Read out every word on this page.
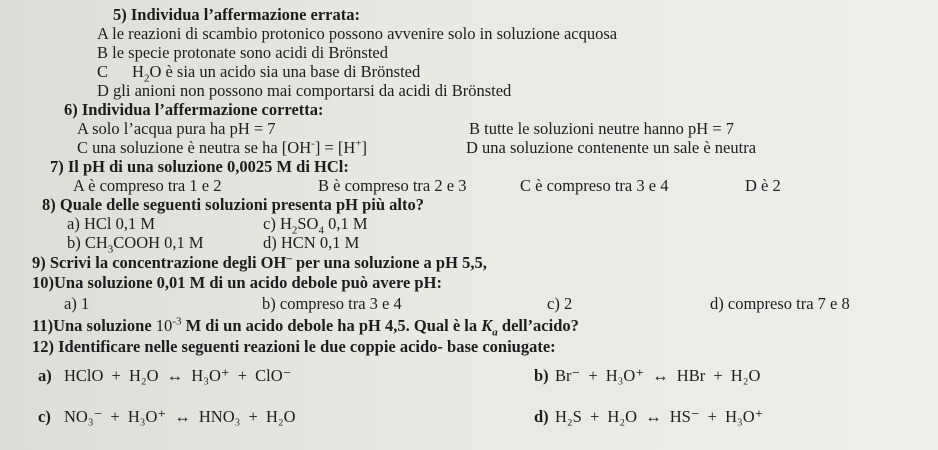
5) Individua l’affermazione errata:
A le reazioni di scambio protonico possono avvenire solo in soluzione acquosa
B le specie protonate sono acidi di Brönsted
C $H_2O$ è sia un acido sia una base di Brönsted
D gli anioni non possono mai comportarsi da acidi di Brönsted
6) Individua l’affermazione corretta:
A solo l’acqua pura ha pH = 7	B tutte le soluzioni neutre hanno pH = 7
C una soluzione è neutra se ha [OH-] = [H+]	D una soluzione contenente un sale è neutra
7) Il pH di una soluzione 0,0025 M di HCl:
A è compreso tra 1 e 2	B è compreso tra 2 e 3	C è compreso tra 3 e 4	D è 2
8) Quale delle seguenti soluzioni presenta pH più alto?
a) HCl 0,1 M	c) $H_2SO_4$ 0,1 M
b) $CH_3COOH$ 0,1 M	d) HCN 0,1 M
9) Scrivi la concentrazione degli OH– per una soluzione a pH 5,5,
10)Una soluzione 0,01 M di un acido debole può avere pH:
a) 1	b) compreso tra 3 e 4	c) 2	d) compreso tra 7 e 8
11)Una soluzione $10^{-3}$ M di un acido debole ha pH 4,5. Qual è la $K_a$ dell’acido?
12) Identificare nelle seguenti reazioni le due coppie acido- base coniugate:
a) HClO + H₂O ↔ H₃O⁺ + ClO⁻	b) Br⁻ + H₃O⁺ ↔ HBr + H₂O
c) NO₃⁻ + H₃O⁺ ↔ HNO₃ + H₂O	d) H₂S + H₂O ↔ HS⁻ + H₃O⁺
